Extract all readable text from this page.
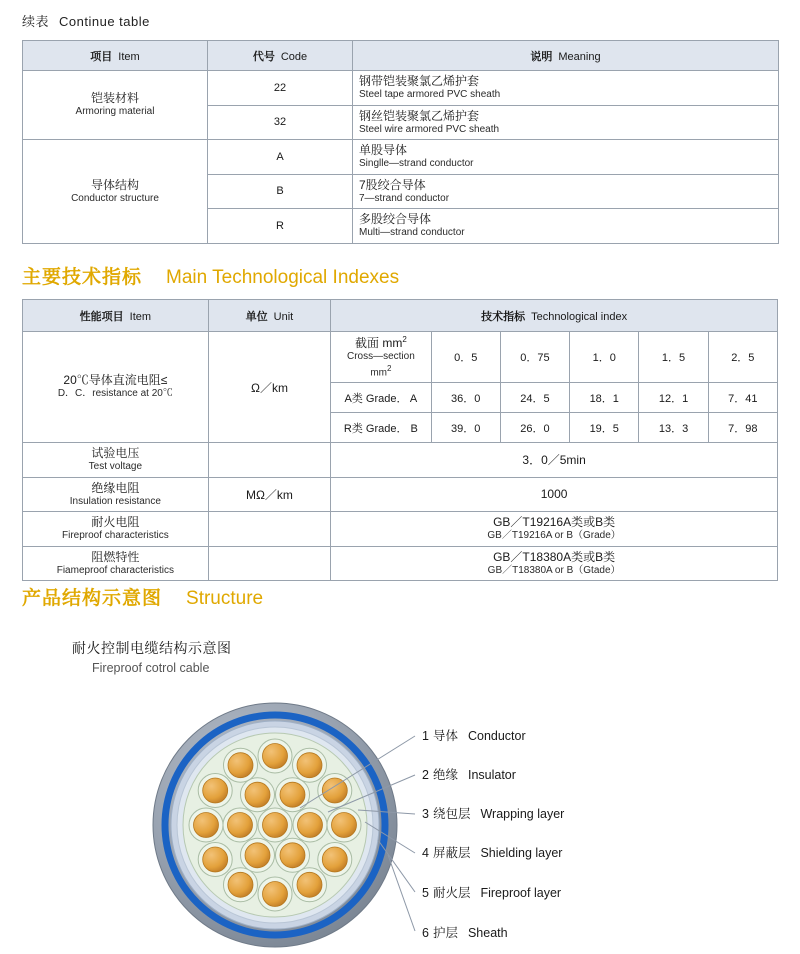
续表 Continue table
项目 Item	代号 Code	说明 Meaning

铠装材料
Armoring material	22	钢带铠装聚氯乙烯护套
Steel tape armored PVC sheath

	32	钢丝铠装聚氯乙烯护套
Steel wire armored PVC sheath

导体结构
Conductor structure	A	单股导体
Singlle—strand conductor

	B	7股绞合导体
7—strand conductor

	R	多股绞合导体
Multi—strand conductor
主要技术指标 Main Technological Indexes
性能项目 Item	单位 Unit	技术指标 Technological index					

20℃导体直流电阻≤
D．C．resistance at 20℃	Ω／km	截面 $mm^2$
Cross—section $mm^2$	0．5	0．75	1．0	1．5	2．5
		A类 Grade． A	36．0	24．5	18．1	12．1	7．41
		R类 Grade． B	39．0	26．0	19．5	13．3	7．98

试验电压
Test voltage		3．0／5min					

绝缘电阻
Insulation resistance	MΩ／km	1000					

耐火电阻
Fireproof characteristics		GB／T19216A类或B类
GB／T19216A or B（Grade）					

阻燃特性
Fiameproof characteristics		GB／T18380A类或B类
GB／T18380A or B（Gtade）					
产品结构示意图 Structure
耐火控制电缆结构示意图
Fireproof cotrol cable
1 导体 Conductor
2 绝缘 Insulator
3 绕包层 Wrapping layer
4 屏蔽层 Shielding layer
5 耐火层 Fireproof layer
6 护层 Sheath
